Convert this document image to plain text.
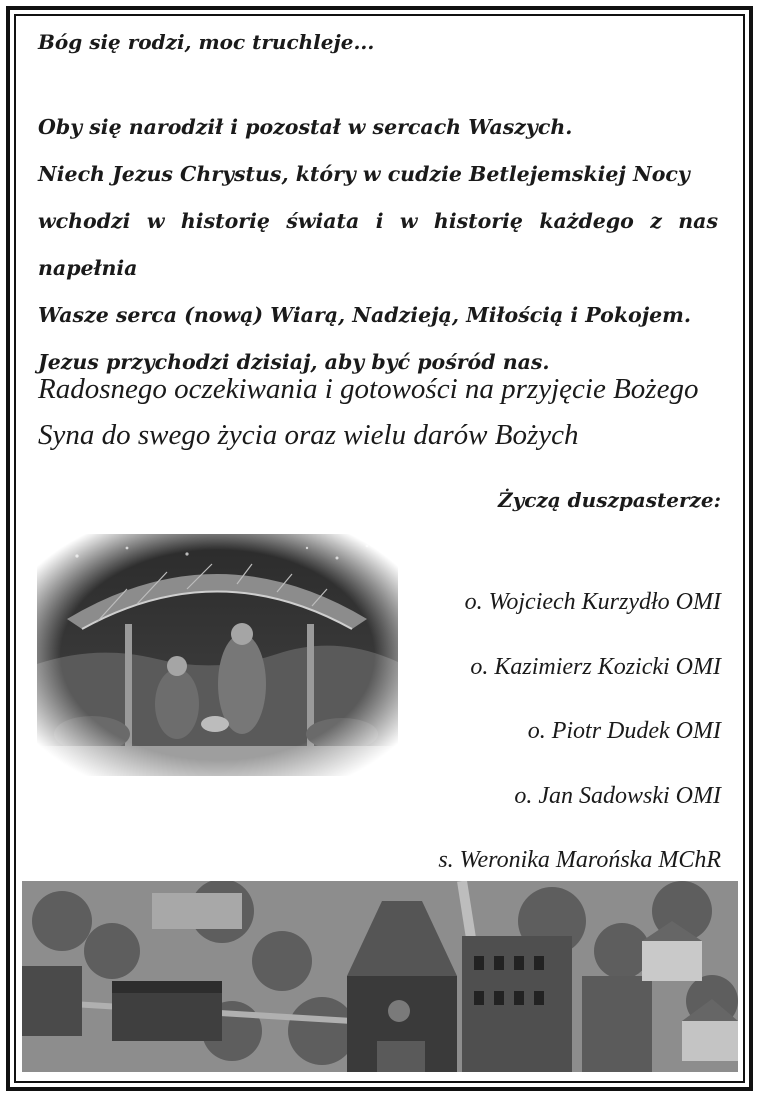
Bóg się rodzi, moc truchleje...

Oby się narodził i pozostał w sercach Waszych.
Niech Jezus Chrystus, który w cudzie Betlejemskiej Nocy
wchodzi w historię świata i w historię każdego z nas napełnia
Wasze serca (nową) Wiarą, Nadzieją, Miłością i Pokojem.
Jezus przychodzi dzisiaj, aby być pośród nas.

Radosnego oczekiwania i gotowości na przyjęcie Bożego
Syna do swego życia oraz wielu darów Bożych

Życzą duszpasterze:

o. Wojciech Kurzydło OMI
o. Kazimierz Kozicki OMI
o. Piotr Dudek OMI
o. Jan Sadowski OMI
s. Weronika Marońska MChR
